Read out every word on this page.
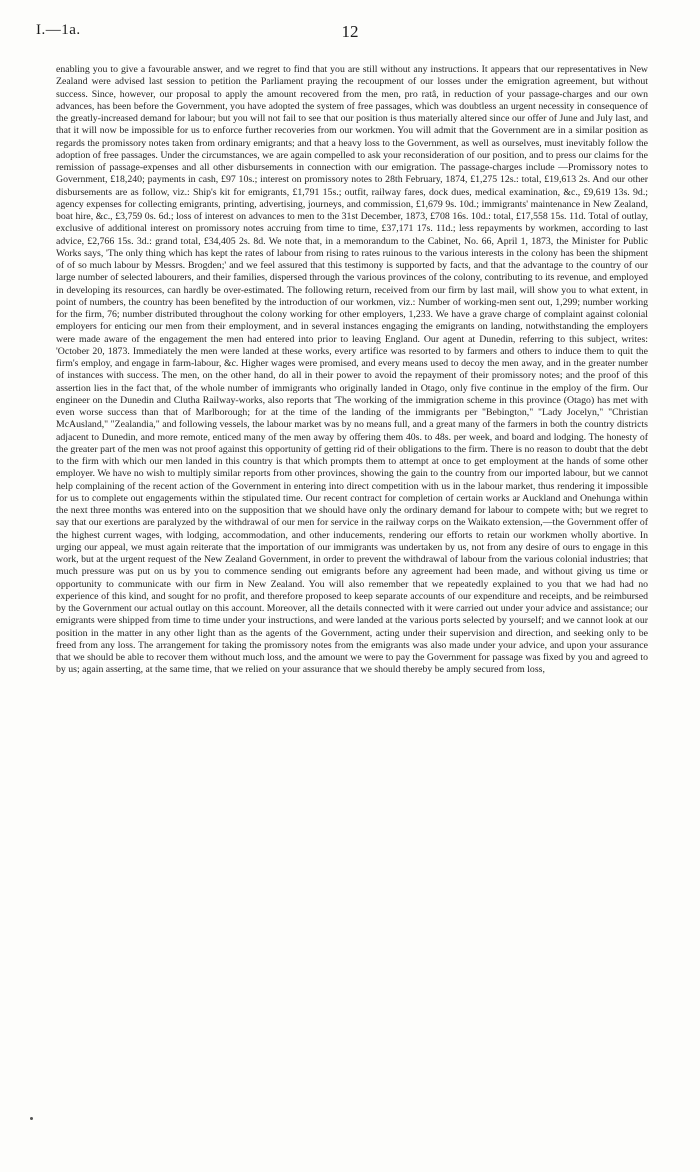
I.—1a.	12

enabling you to give a favourable answer, and we regret to find that you are still without any instructions. It appears that our representatives in New Zealand were advised last session to petition the Parliament praying the recoupment of our losses under the emigration agreement, but without success. Since, however, our proposal to apply the amount recovered from the men, pro ratâ, in reduction of your passage-charges and our own advances, has been before the Government, you have adopted the system of free passages, which was doubtless an urgent necessity in consequence of the greatly-increased demand for labour; but you will not fail to see that our position is thus materially altered since our offer of June and July last, and that it will now be impossible for us to enforce further recoveries from our workmen. You will admit that the Government are in a similar position as regards the promissory notes taken from ordinary emigrants; and that a heavy loss to the Government, as well as ourselves, must inevitably follow the adoption of free passages. Under the circumstances, we are again compelled to ask your reconsideration of our position, and to press our claims for the remission of passage-expenses and all other disbursements in connection with our emigration. The passage-charges include —Promissory notes to Government, £18,240; payments in cash, £97 10s.; interest on promissory notes to 28th February, 1874, £1,275 12s.: total, £19,613 2s. And our other disbursements are as follow, viz.: Ship's kit for emigrants, £1,791 15s.; outfit, railway fares, dock dues, medical examination, &c., £9,619 13s. 9d.; agency expenses for collecting emigrants, printing, advertising, journeys, and commission, £1,679 9s. 10d.; immigrants' maintenance in New Zealand, boat hire, &c., £3,759 0s. 6d.; loss of interest on advances to men to the 31st December, 1873, £708 16s. 10d.: total, £17,558 15s. 11d. Total of outlay, exclusive of additional interest on promissory notes accruing from time to time, £37,171 17s. 11d.; less repayments by workmen, according to last advice, £2,766 15s. 3d.: grand total, £34,405 2s. 8d. We note that, in a memorandum to the Cabinet, No. 66, April 1, 1873, the Minister for Public Works says, 'The only thing which has kept the rates of labour from rising to rates ruinous to the various interests in the colony has been the shipment of of so much labour by Messrs. Brogden;' and we feel assured that this testimony is supported by facts, and that the advantage to the country of our large number of selected labourers, and their families, dispersed through the various provinces of the colony, contributing to its revenue, and employed in developing its resources, can hardly be over-estimated. The following return, received from our firm by last mail, will show you to what extent, in point of numbers, the country has been benefited by the introduction of our workmen, viz.: Number of working-men sent out, 1,299; number working for the firm, 76; number distributed throughout the colony working for other employers, 1,233. We have a grave charge of complaint against colonial employers for enticing our men from their employment, and in several instances engaging the emigrants on landing, notwithstanding the employers were made aware of the engagement the men had entered into prior to leaving England. Our agent at Dunedin, referring to this subject, writes: 'October 20, 1873. Immediately the men were landed at these works, every artifice was resorted to by farmers and others to induce them to quit the firm's employ, and engage in farm-labour, &c. Higher wages were promised, and every means used to decoy the men away, and in the greater number of instances with success. The men, on the other hand, do all in their power to avoid the repayment of their promissory notes; and the proof of this assertion lies in the fact that, of the whole number of immigrants who originally landed in Otago, only five continue in the employ of the firm. Our engineer on the Dunedin and Clutha Railway-works, also reports that 'The working of the immigration scheme in this province (Otago) has met with even worse success than that of Marlborough; for at the time of the landing of the immigrants per "Bebington," "Lady Jocelyn," "Christian McAusland," "Zealandia," and following vessels, the labour market was by no means full, and a great many of the farmers in both the country districts adjacent to Dunedin, and more remote, enticed many of the men away by offering them 40s. to 48s. per week, and board and lodging. The honesty of the greater part of the men was not proof against this opportunity of getting rid of their obligations to the firm. There is no reason to doubt that the debt to the firm with which our men landed in this country is that which prompts them to attempt at once to get employment at the hands of some other employer. We have no wish to multiply similar reports from other provinces, showing the gain to the country from our imported labour, but we cannot help complaining of the recent action of the Government in entering into direct competition with us in the labour market, thus rendering it impossible for us to complete out engagements within the stipulated time. Our recent contract for completion of certain works ar Auckland and Onehunga within the next three months was entered into on the supposition that we should have only the ordinary demand for labour to compete with; but we regret to say that our exertions are paralyzed by the withdrawal of our men for service in the railway corps on the Waikato extension,—the Government offer of the highest current wages, with lodging, accommodation, and other inducements, rendering our efforts to retain our workmen wholly abortive. In urging our appeal, we must again reiterate that the importation of our immigrants was undertaken by us, not from any desire of ours to engage in this work, but at the urgent request of the New Zealand Government, in order to prevent the withdrawal of labour from the various colonial industries; that much pressure was put on us by you to commence sending out emigrants before any agreement had been made, and without giving us time or opportunity to communicate with our firm in New Zealand. You will also remember that we repeatedly explained to you that we had had no experience of this kind, and sought for no profit, and therefore proposed to keep separate accounts of our expenditure and receipts, and be reimbursed by the Government our actual outlay on this account. Moreover, all the details connected with it were carried out under your advice and assistance; our emigrants were shipped from time to time under your instructions, and were landed at the various ports selected by yourself; and we cannot look at our position in the matter in any other light than as the agents of the Government, acting under their supervision and direction, and seeking only to be freed from any loss. The arrangement for taking the promissory notes from the emigrants was also made under your advice, and upon your assurance that we should be able to recover them without much loss, and the amount we were to pay the Government for passage was fixed by you and agreed to by us; again asserting, at the same time, that we relied on your assurance that we should thereby be amply secured from loss,
